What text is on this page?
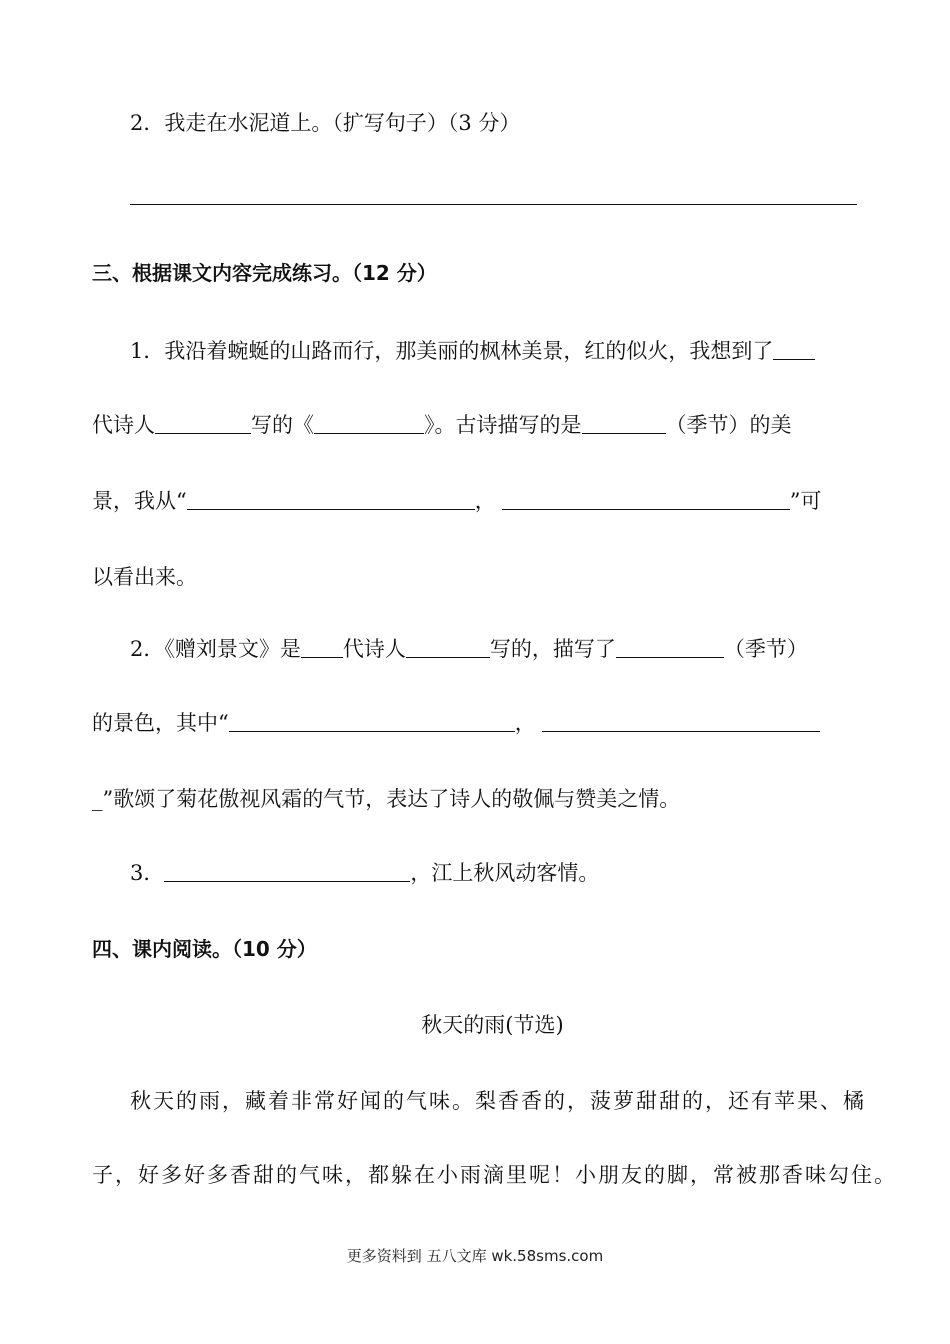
2．我走在水泥道上。（扩写句子）（3 分）
三、根据课文内容完成练习。（12 分）
1．我沿着蜿蜒的山路而行，那美丽的枫林美景，红的似火，我想到了
代诗人	写的《	》。古诗描写的是	（季节）的美
景，我从“	，	”可
以看出来。
2．《赠刘景文》是 代诗人	写的，描写了	（季节）
的景色，其中“	，
_”歌颂了菊花傲视风霜的气节，表达了诗人的敬佩与赞美之情。
3．	，江上秋风动客情。
四、课内阅读。（10 分）
秋天的雨(节选)
秋天的雨，藏着非常好闻的气味。梨香香的，菠萝甜甜的，还有苹果、橘
子，好多好多香甜的气味，都躲在小雨滴里呢！小朋友的脚，常被那香味勾住。
更多资料到 五八文库 wk.58sms.com
